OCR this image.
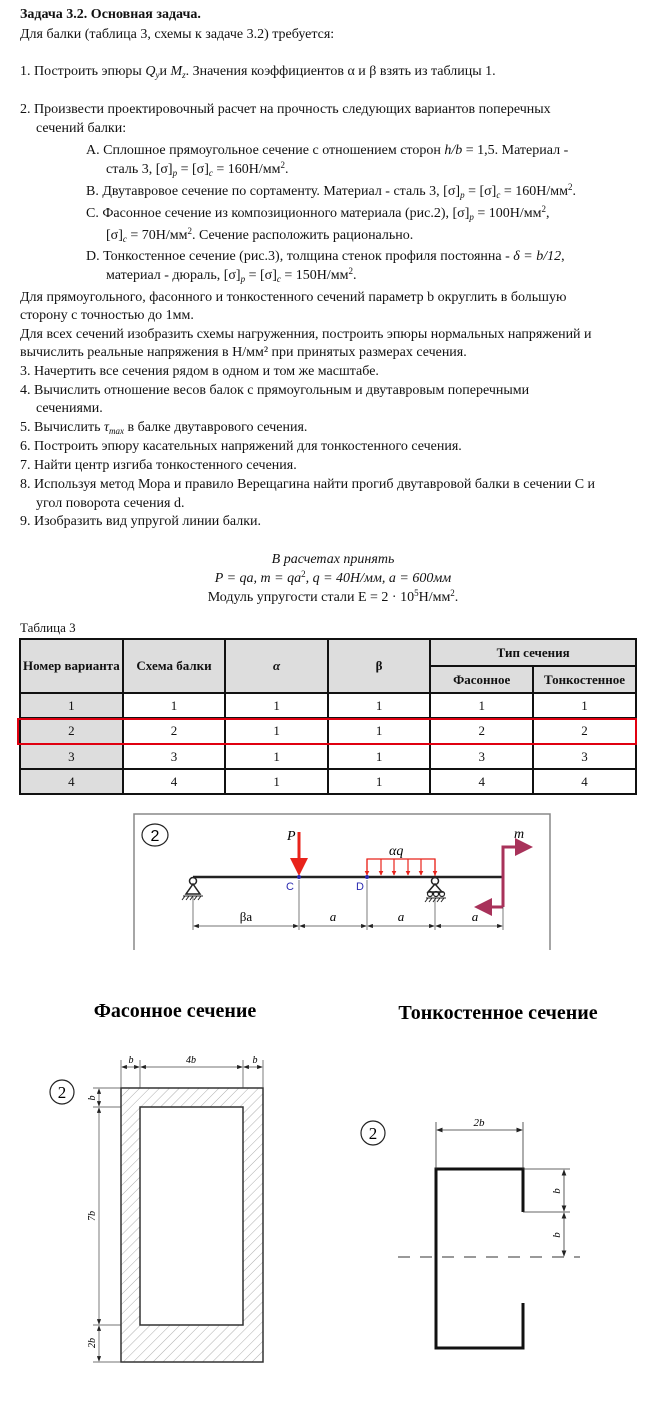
Задача 3.2. Основная задача.
Для балки (таблица 3, схемы к задаче 3.2) требуется:
1. Построить эпюры $Q_yи$ $M_z$. Значения коэффициентов α и β взять из таблицы 1.
2. Произвести проектировочный расчет на прочность следующих вариантов поперечных
сечений балки:
A. Сплошное прямоугольное сечение с отношением сторон h/b = 1,5. Материал -
сталь 3, $[\sigma]_p = [\sigma]_c = 160Н/мм^2$.
B. Двутавровое сечение по сортаменту. Материал - сталь 3, $[\sigma]_p = [\sigma]_c = 160Н/мм^2$.
C. Фасонное сечение из композиционного материала (рис.2), $[\sigma]_p = 100Н/мм^2$,
$[\sigma]_c = 70Н/мм^2$. Сечение расположить рационально.
D. Тонкостенное сечение (рис.3), толщина стенок профиля постоянна - δ = b/12,
материал - дюраль, $[\sigma]_p = [\sigma]_c = 150Н/мм^2$.
Для прямоугольного, фасонного и тонкостенного сечений параметр b округлить в большую
сторону с точностью до 1мм.
Для всех сечений изобразить схемы нагруженния, построить эпюры нормальных напряжений и
вычислить реальные напряжения в Н/мм² при принятых размерах сечения.
3. Начертить все сечения рядом в одном и том же масштабе.
4. Вычислить отношение весов балок с прямоугольным и двутавровым поперечными
сечениями.
5. Вычислить $\tau_{max}$ в балке двутаврового сечения.
6. Построить эпюру касательных напряжений для тонкостенного сечения.
7. Найти центр изгиба тонкостенного сечения.
8. Используя метод Мора и правило Верещагина найти прогиб двутавровой балки в сечении С и
угол поворота сечения d.
9. Изобразить вид упругой линии балки.
В расчетах принять
P = qa, $m = qa^2$, q = 40Н/мм, a = 600мм
Модуль упругости стали $E = 2 \cdot 10^5Н/мм^2$.
Таблица 3
Номер варианта	Схема балки	α	β	Тип сечения	
				Фасонное	Тонкостенное
1	1	1	1	1	1
2	2	1	1	2	2
3	3	1	1	3	3
4	4	1	1	4	4
2	P
αq
m
C	D
βa	a	a	a
Фасонное сечение
2
b	4b	b
b
7b
2b
Тонкостенное сечение
2
2b
b
b
